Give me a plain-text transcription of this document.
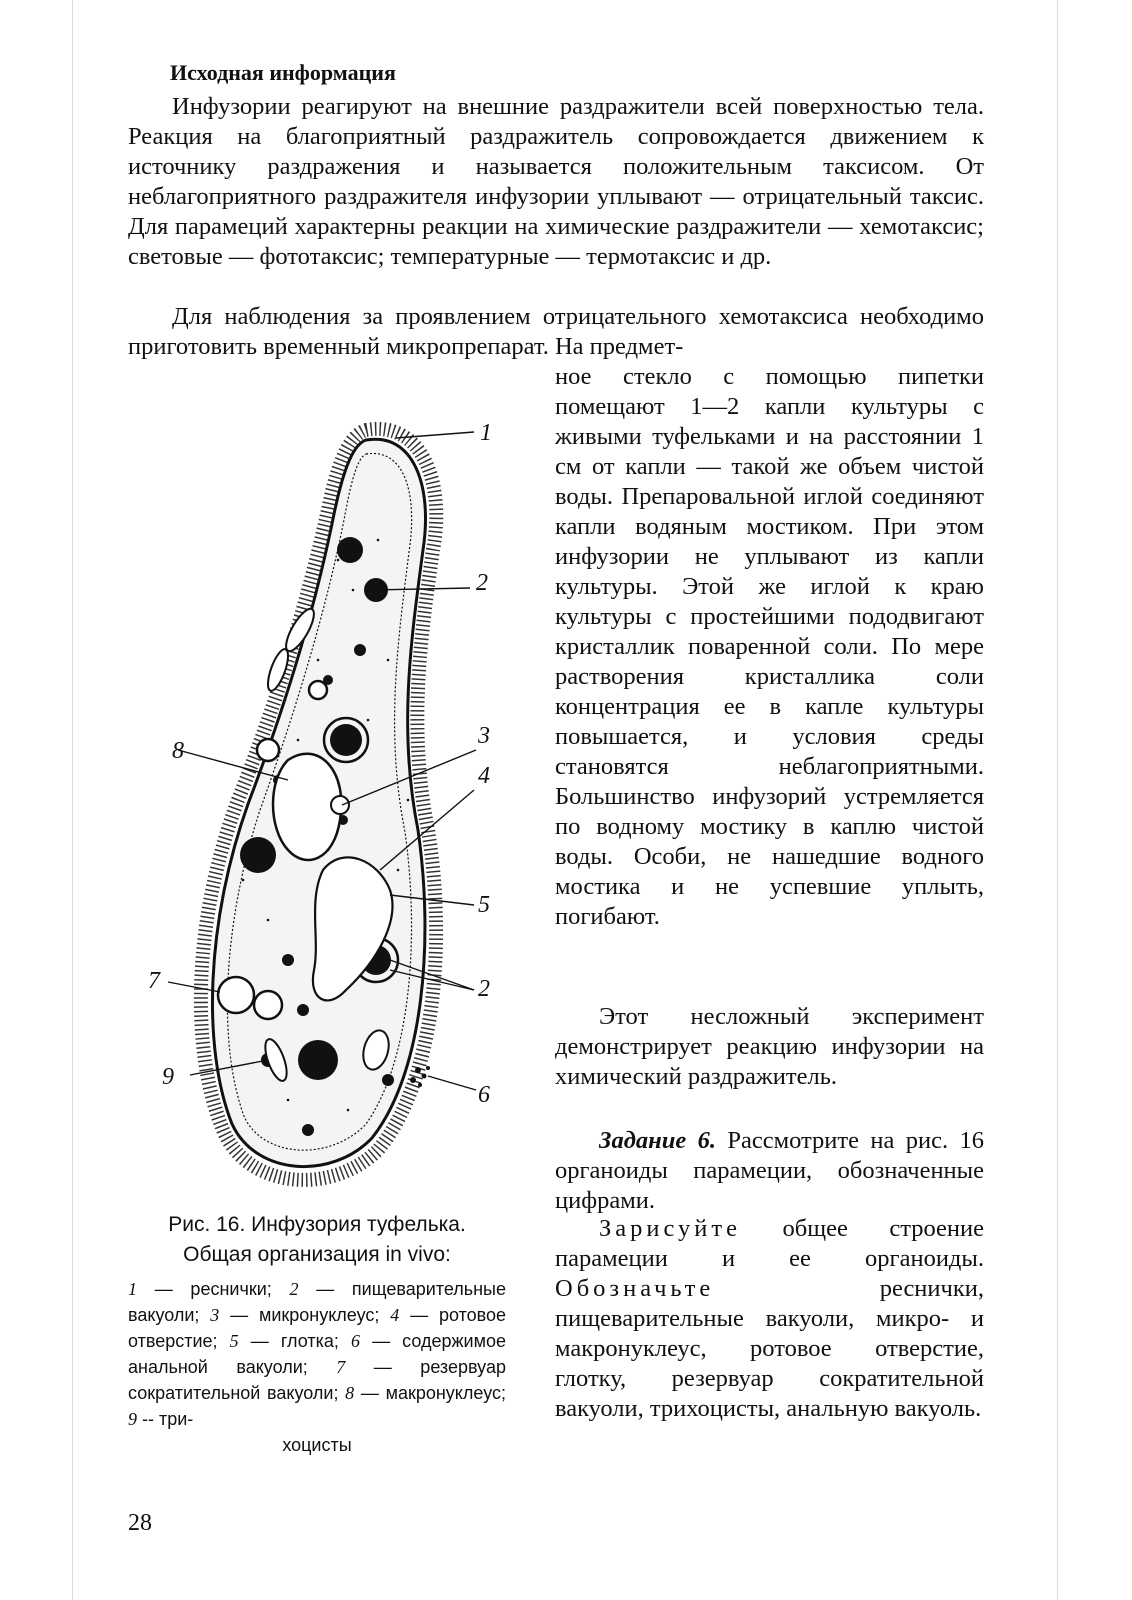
Исходная информация

Инфузории реагируют на внешние раздражители всей поверхностью тела. Реакция на благоприятный раздражитель сопровождается движением к источнику раздражения и называется положительным таксисом. От неблагоприятного раздражителя инфузории уплывают — отрицательный таксис. Для парамеций характерны реакции на химические раздражители — хемотаксис; световые — фототаксис; температурные — термотаксис и др.

Для наблюдения за проявлением отрицательного хемотаксиса необходимо приготовить временный микропрепарат. На предмет-

ное стекло с помощью пипетки помещают 1—2 капли культуры с живыми туфельками и на расстоянии 1 см от капли — такой же объем чистой воды. Препаровальной иглой соединяют капли водяным мостиком. При этом инфузории не уплывают из капли культуры. Этой же иглой к краю культуры с простейшими пододвигают кристаллик поваренной соли. По мере растворения кристаллика соли концентрация ее в капле культуры повышается, и условия среды становятся неблагоприятными. Большинство инфузорий устремляется по водному мостику в каплю чистой воды. Особи, не нашедшие водного мостика и не успевшие уплыть, погибают.

Этот несложный эксперимент демонстрирует реакцию инфузории на химический раздражитель.

Задание 6. Рассмотрите на рис. 16 органоиды парамеции, обозначенные цифрами.

Зарисуйте общее строение парамеции и ее органоиды. Обозначьте реснички, пищеварительные вакуоли, микро- и макронуклеус, ротовое отверстие, глотку, резервуар сократительной вакуоли, трихоцисты, анальную вакуоль.

1
2
3
4
5
2
6
7
8
9
Рис. 16. Инфузория туфелька.
Общая организация in vivo:
1 — реснички; 2 — пищеварительные вакуоли; 3 — микронуклеус; 4 — ротовое отверстие; 5 — глотка; 6 — содержимое анальной вакуоли; 7 — резервуар сократительной вакуоли; 8 — макронуклеус; 9 -- три-
хоцисты
28
